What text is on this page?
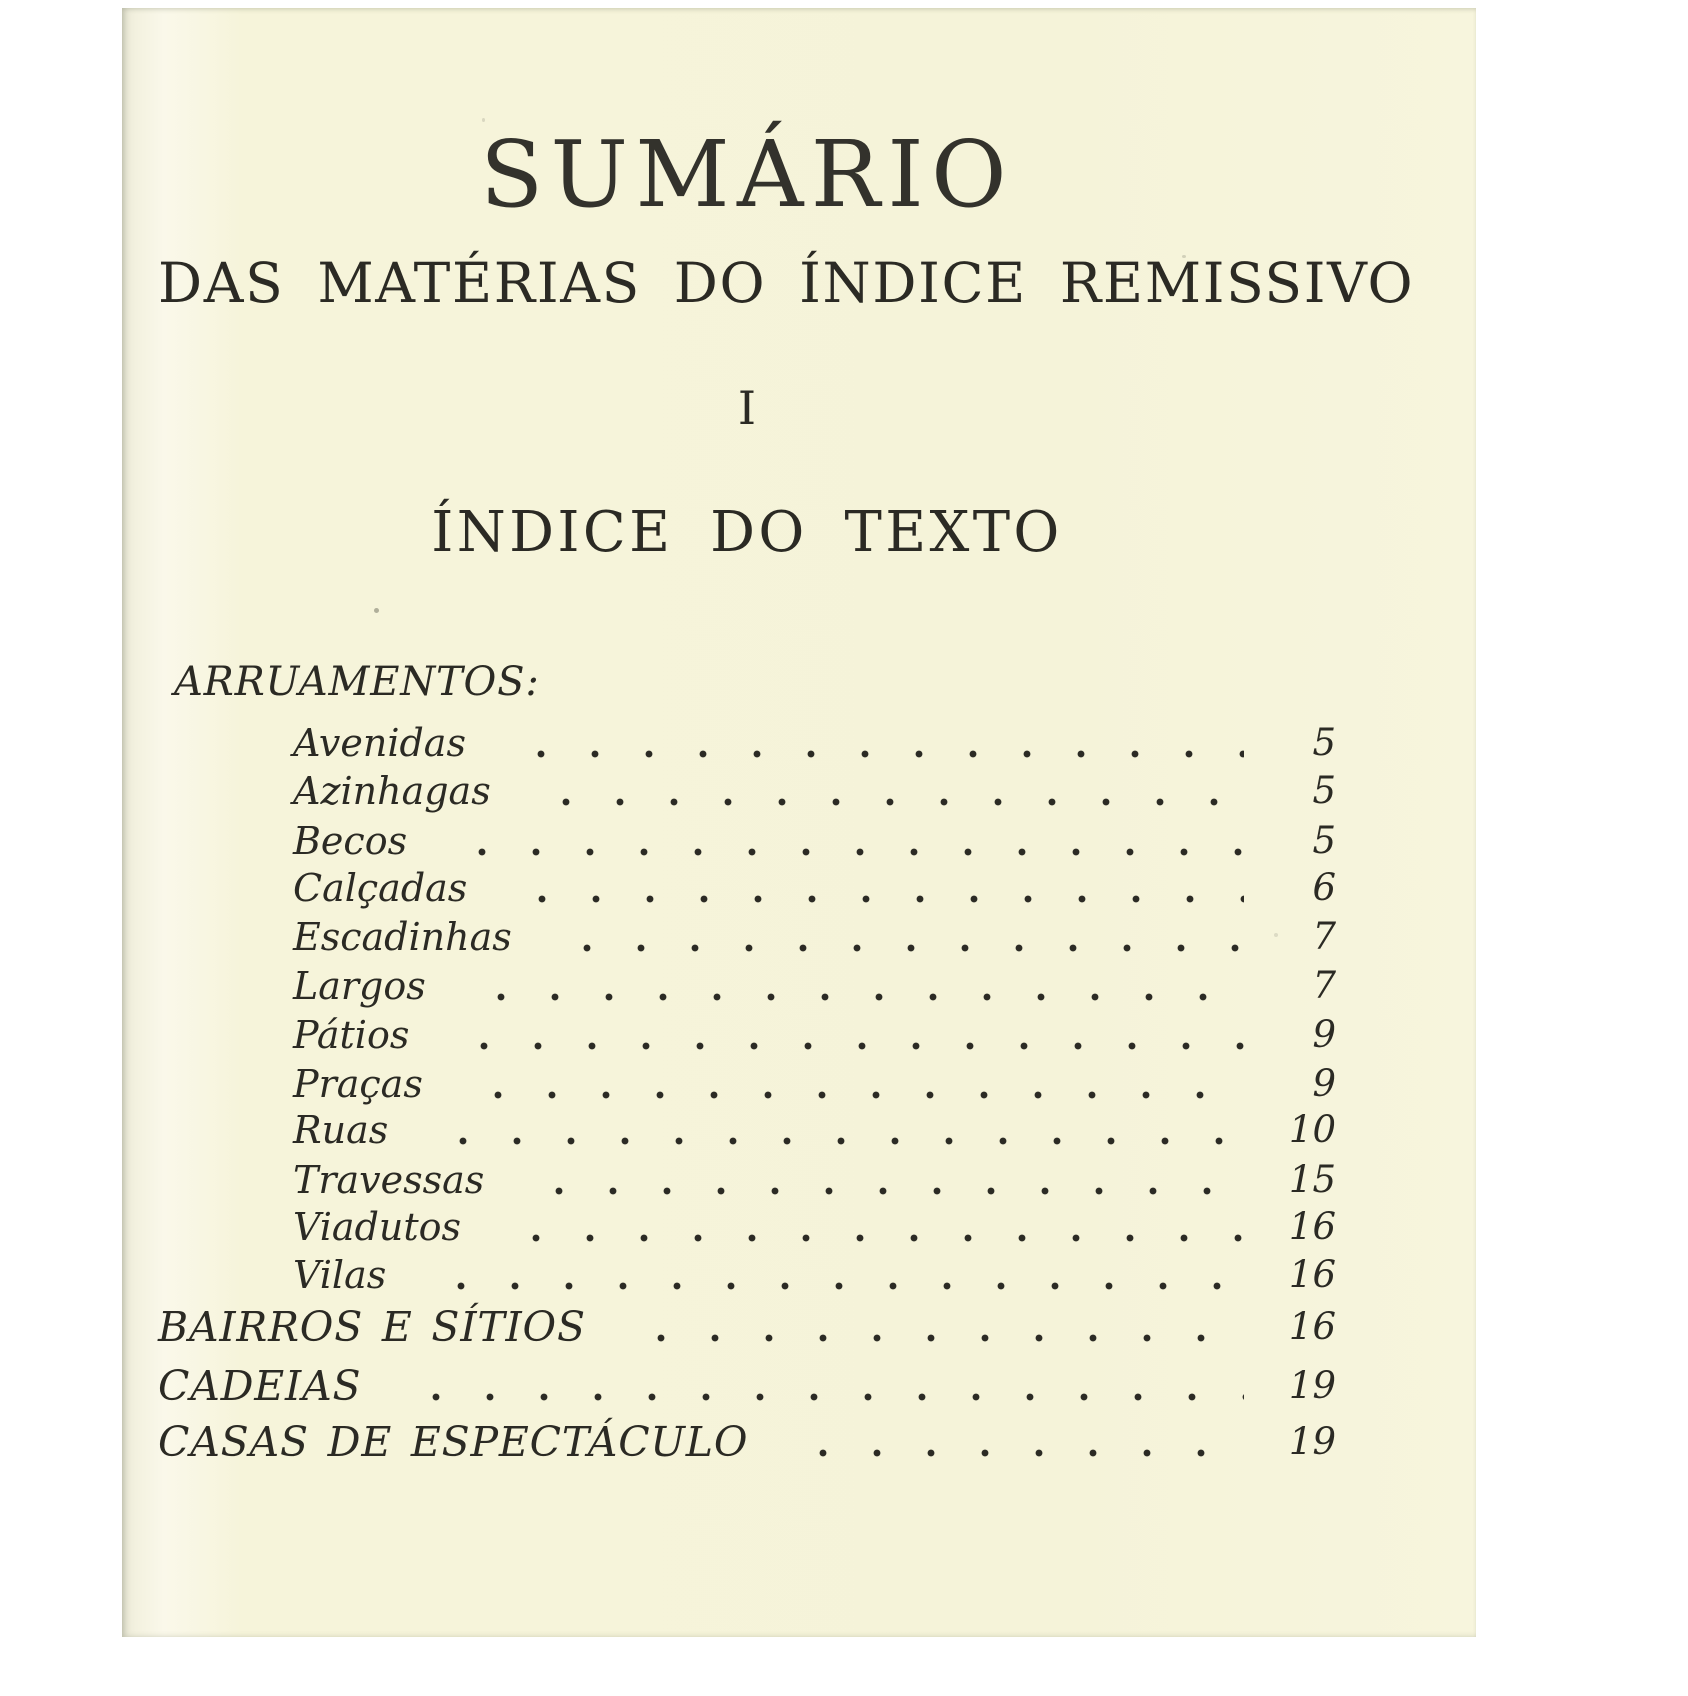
SUMÁRIO
DAS MATÉRIAS DO ÍNDICE REMISSIVO
I
ÍNDICE DO TEXTO
ARRUAMENTOS:
Avenidas	5
Azinhagas	5
Becos	5
Calçadas	6
Escadinhas	7
Largos	7
Pátios	9
Praças	9
Ruas	10
Travessas	15
Viadutos	16
Vilas	16
BAIRROS E SÍTIOS	16
CADEIAS	19
CASAS DE ESPECTÁCULO	19
